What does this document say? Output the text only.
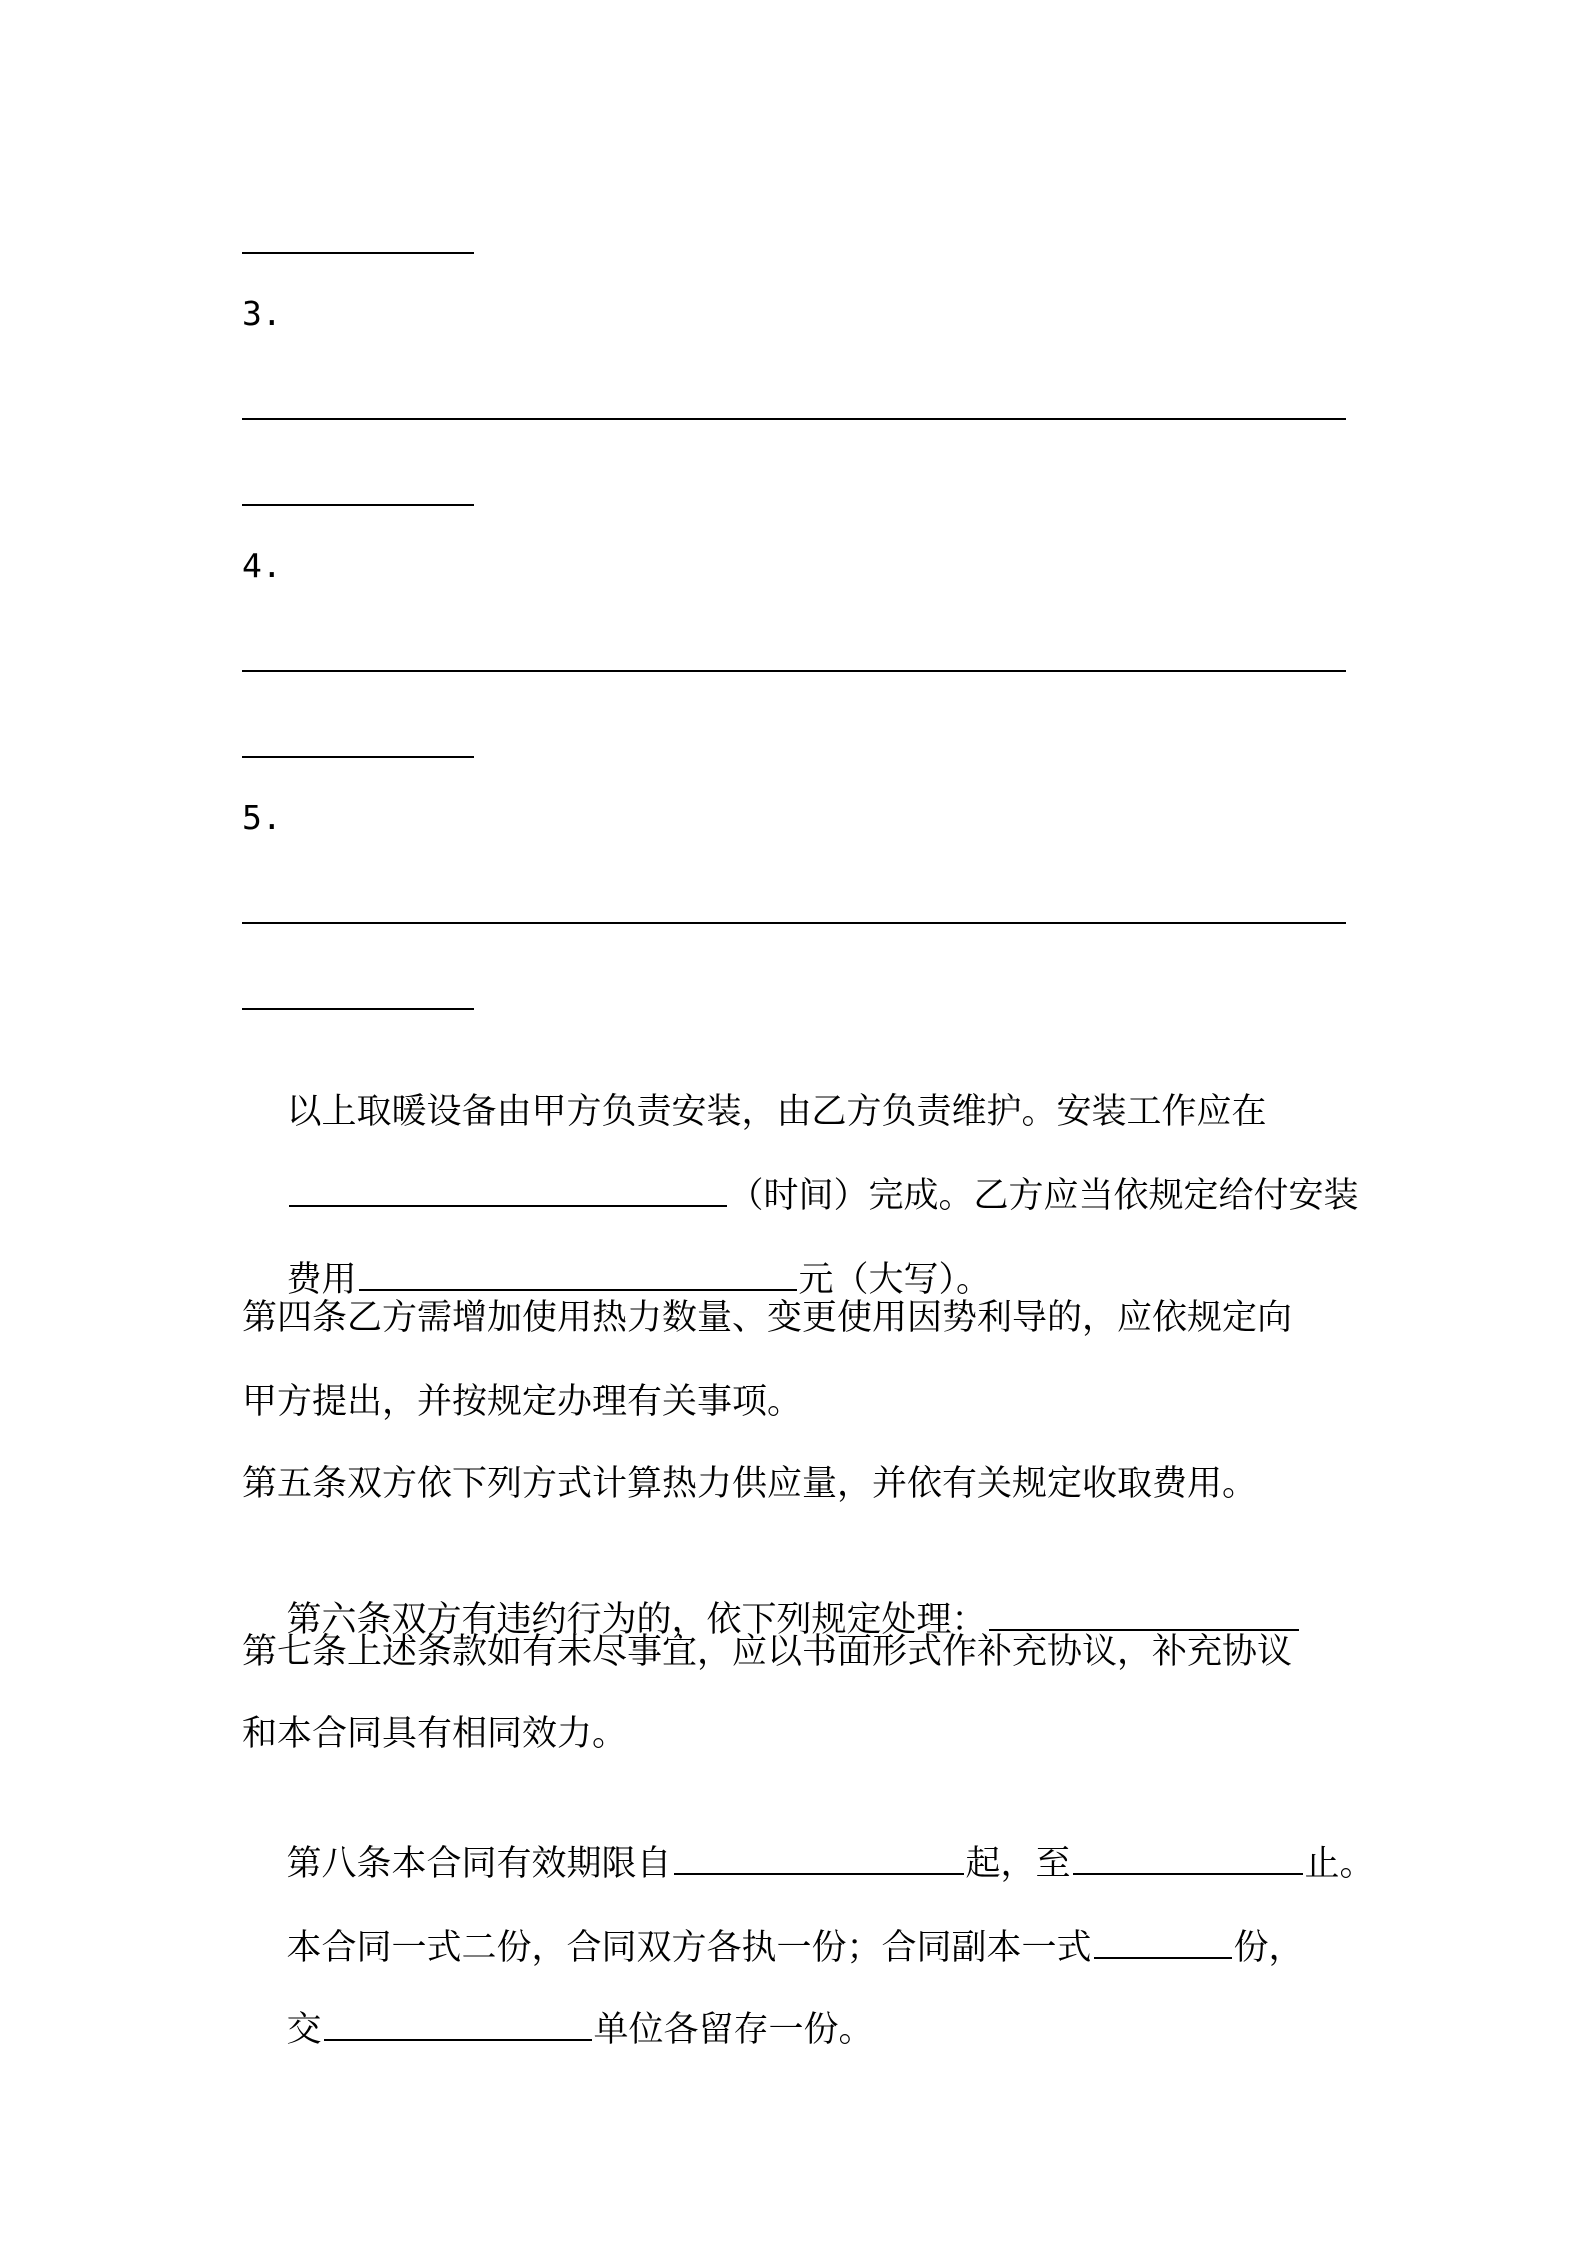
3.
4.
5.

以上取暖设备由甲方负责安装，由乙方负责维护。安装工作应在

（时间）完成。乙方应当依规定给付安装

费用	元（大写）。

第四条乙方需增加使用热力数量、变更使用因势利导的，应依规定向
甲方提出，并按规定办理有关事项。
第五条双方依下列方式计算热力供应量，并依有关规定收取费用。

第六条双方有违约行为的，依下列规定处理：

第七条上述条款如有未尽事宜，应以书面形式作补充协议，补充协议
和本合同具有相同效力。

第八条本合同有效期限自	起，至	止。

本合同一式二份，合同双方各执一份；合同副本一式	份，

交	单位各留存一份。
